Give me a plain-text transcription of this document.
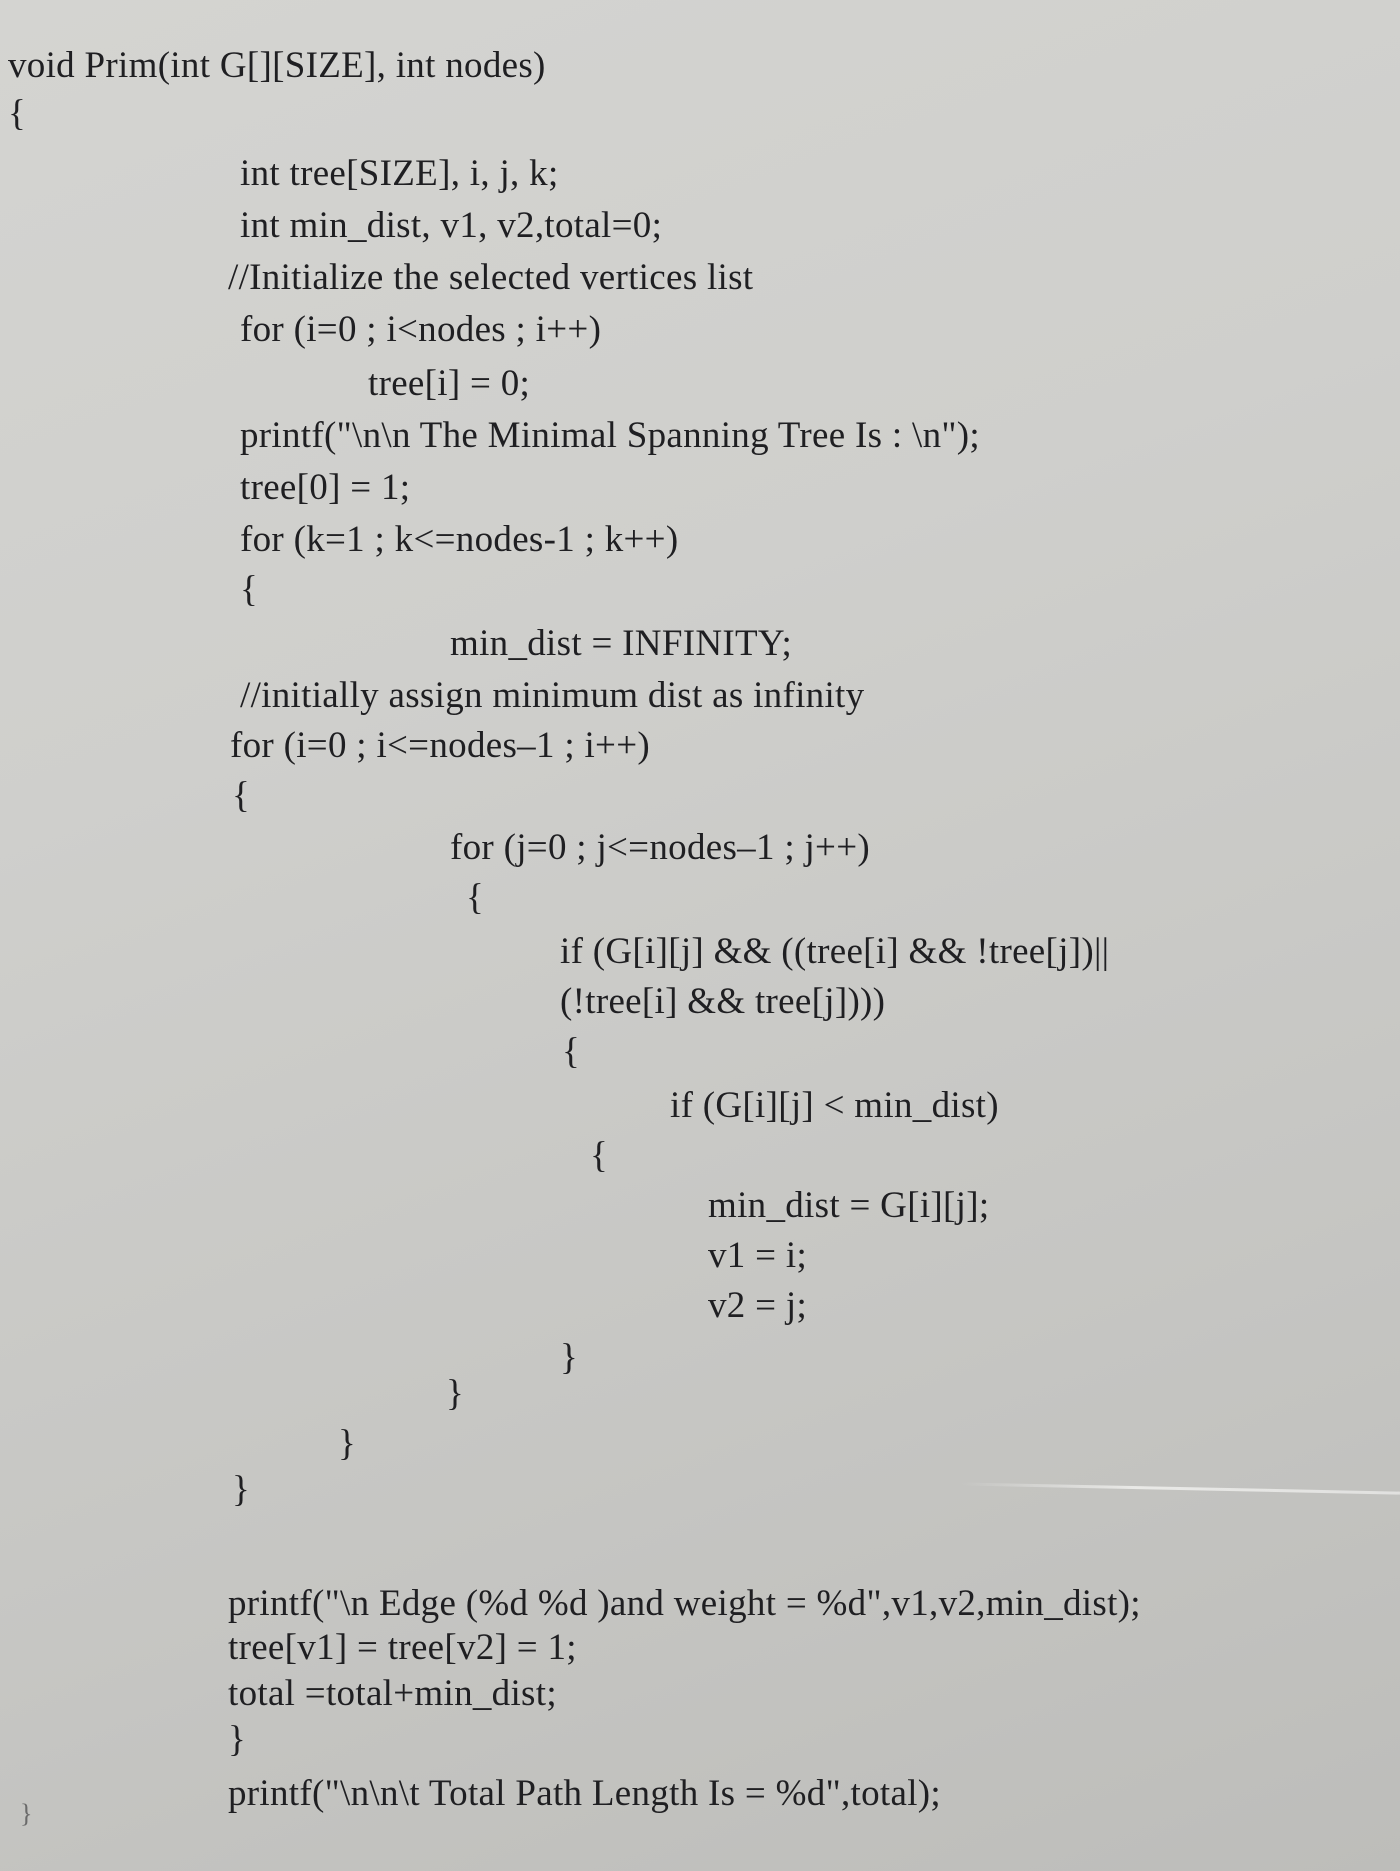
void Prim(int G[][SIZE], int nodes)
{
int tree[SIZE], i, j, k;
int min_dist, v1, v2,total=0;
//Initialize the selected vertices list
for (i=0 ; i<nodes ; i++)
tree[i] = 0;
printf("\n\n The Minimal Spanning Tree Is : \n");
tree[0] = 1;
for (k=1 ; k<=nodes-1 ; k++)
{
min_dist = INFINITY;
//initially assign minimum dist as infinity
for (i=0 ; i<=nodes–1 ; i++)
{
for (j=0 ; j<=nodes–1 ; j++)
{
if (G[i][j] && ((tree[i] && !tree[j])||
(!tree[i] && tree[j])))
{
if (G[i][j] < min_dist)
{
min_dist = G[i][j];
v1 = i;
v2 = j;
}
}
}
}
printf("\n Edge (%d %d )and weight = %d",v1,v2,min_dist);
tree[v1] = tree[v2] = 1;
total =total+min_dist;
}
printf("\n\n\t Total Path Length Is = %d",total);
}
